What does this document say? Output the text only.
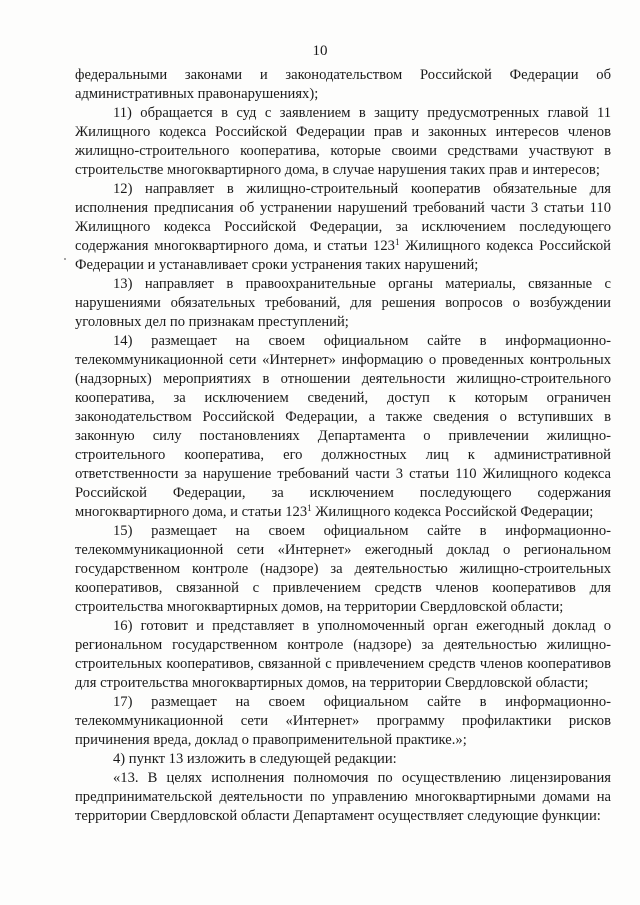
10

федеральными законами и законодательством Российской Федерации об административных правонарушениях);

11) обращается в суд с заявлением в защиту предусмотренных главой 11 Жилищного кодекса Российской Федерации прав и законных интересов членов жилищно-строительного кооператива, которые своими средствами участвуют в строительстве многоквартирного дома, в случае нарушения таких прав и интересов;

12) направляет в жилищно-строительный кооператив обязательные для исполнения предписания об устранении нарушений требований части 3 статьи 110 Жилищного кодекса Российской Федерации, за исключением последующего содержания многоквартирного дома, и статьи $123^1$ Жилищного кодекса Российской Федерации и устанавливает сроки устранения таких нарушений;

13) направляет в правоохранительные органы материалы, связанные с нарушениями обязательных требований, для решения вопросов о возбуждении уголовных дел по признакам преступлений;

14) размещает на своем официальном сайте в информационно-телекоммуникационной сети «Интернет» информацию о проведенных контрольных (надзорных) мероприятиях в отношении деятельности жилищно-строительного кооператива, за исключением сведений, доступ к которым ограничен законодательством Российской Федерации, а также сведения о вступивших в законную силу постановлениях Департамента о привлечении жилищно-строительного кооператива, его должностных лиц к административной ответственности за нарушение требований части 3 статьи 110 Жилищного кодекса Российской Федерации, за исключением последующего содержания многоквартирного дома, и статьи $123^1$ Жилищного кодекса Российской Федерации;

15) размещает на своем официальном сайте в информационно-телекоммуникационной сети «Интернет» ежегодный доклад о региональном государственном контроле (надзоре) за деятельностью жилищно-строительных кооперативов, связанной с привлечением средств членов кооперативов для строительства многоквартирных домов, на территории Свердловской области;

16) готовит и представляет в уполномоченный орган ежегодный доклад о региональном государственном контроле (надзоре) за деятельностью жилищно-строительных кооперативов, связанной с привлечением средств членов кооперативов для строительства многоквартирных домов, на территории Свердловской области;

17) размещает на своем официальном сайте в информационно-телекоммуникационной сети «Интернет» программу профилактики рисков причинения вреда, доклад о правоприменительной практике.»;

4) пункт 13 изложить в следующей редакции:

«13. В целях исполнения полномочия по осуществлению лицензирования предпринимательской деятельности по управлению многоквартирными домами на территории Свердловской области Департамент осуществляет следующие функции:
